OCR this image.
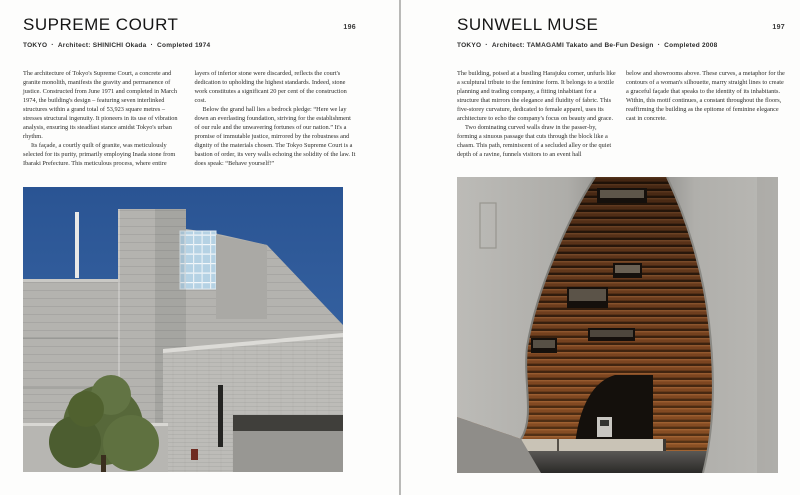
SUPREME COURT	196
TOKYO · Architect: SHINICHI Okada · Completed 1974

The architecture of Tokyo's Supreme Court, a concrete and granite monolith, manifests the gravity and permanence of justice. Constructed from June 1971 and completed in March 1974, the building's design – featuring seven interlinked structures within a grand total of 53,923 square metres – stresses structural ingenuity. It pioneers in its use of vibration analysis, ensuring its steadfast stance amidst Tokyo's urban rhythm.

Its façade, a courtly quilt of granite, was meticulously selected for its purity, primarily employing Inada stone from Ibaraki Prefecture. This meticulous process, where entire

layers of inferior stone were discarded, reflects the court's dedication to upholding the highest standards. Indeed, stone work constitutes a significant 20 per cent of the construction cost.

Below the grand hall lies a bedrock pledge: “Here we lay down an everlasting foundation, striving for the establishment of our rule and the unwavering fortunes of our nation.” It's a promise of immutable justice, mirrored by the robustness and dignity of the materials chosen. The Tokyo Supreme Court is a bastion of order, its very walls echoing the solidity of the law. It does speak: “Behave yourself!”

SUNWELL MUSE	197
TOKYO · Architect: TAMAGAMI Takato and Be-Fun Design · Completed 2008

The building, poised at a bustling Harajuku corner, unfurls like a sculptural tribute to the feminine form. It belongs to a textile planning and trading company, a fitting inhabitant for a structure that mirrors the elegance and fluidity of fabric. This five-storey curvature, dedicated to female apparel, uses its architecture to echo the company's focus on beauty and grace.

Two dominating curved walls draw in the passer-by, forming a sinuous passage that cuts through the block like a chasm. This path, reminiscent of a secluded alley or the quiet depth of a ravine, funnels visitors to an event hall

below and showrooms above. These curves, a metaphor for the contours of a woman's silhouette, marry straight lines to create a graceful façade that speaks to the identity of its inhabitants. Within, this motif continues, a constant throughout the floors, reaffirming the building as the epitome of feminine elegance cast in concrete.
